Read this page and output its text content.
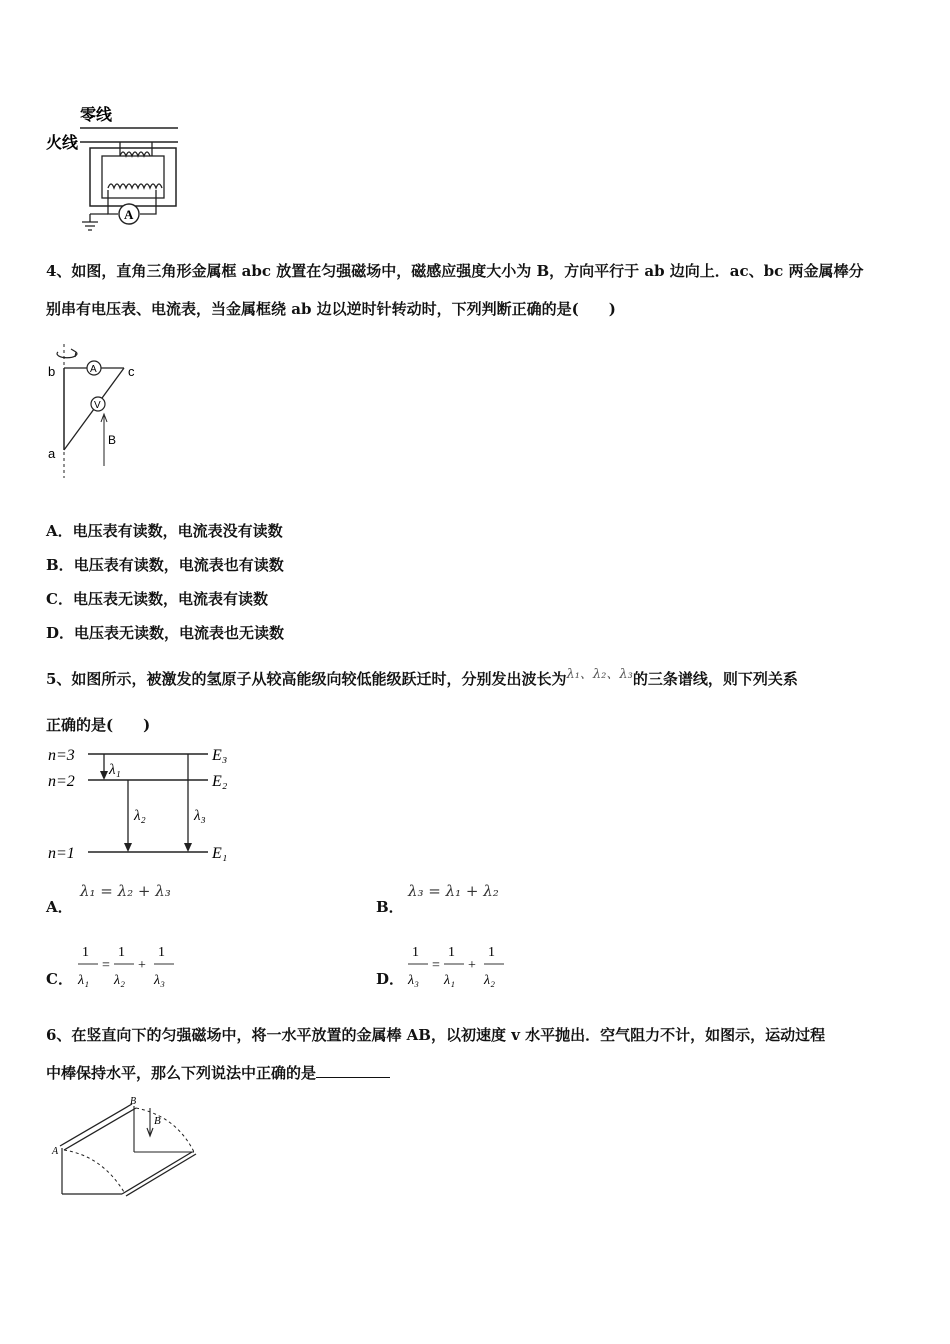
零线
火线
A
4、如图，直角三角形金属框 abc 放置在匀强磁场中，磁感应强度大小为 B，方向平行于 ab 边向上．ac、bc 两金属棒分
别串有电压表、电流表，当金属框绕 ab 边以逆时针转动时，下列判断正确的是(　　)
A
V
b	c
a
B
A．电压表有读数，电流表没有读数
B．电压表有读数，电流表也有读数
C．电压表无读数，电流表有读数
D．电压表无读数，电流表也无读数
5、如图所示，被激发的氢原子从较高能级向较低能级跃迁时，分别发出波长为λ₁、λ₂、λ₃的三条谱线，则下列关系
正确的是(　　)
n=3
n=2
n=1
E₃
E₂
E₁
λ₁
λ₂	λ₃
A．
λ₁ = λ₂ + λ₃
B．
λ₃ = λ₁ + λ₂
C．
1
λ₁
=
1
λ₂
+
1
λ₃	D．
1
λ₃
=
1
λ₁
+
1
λ₂
6、在竖直向下的匀强磁场中，将一水平放置的金属棒 AB，以初速度 v 水平抛出．空气阻力不计，如图示，运动过程
中棒保持水平，那么下列说法中正确的是
B
A
B
